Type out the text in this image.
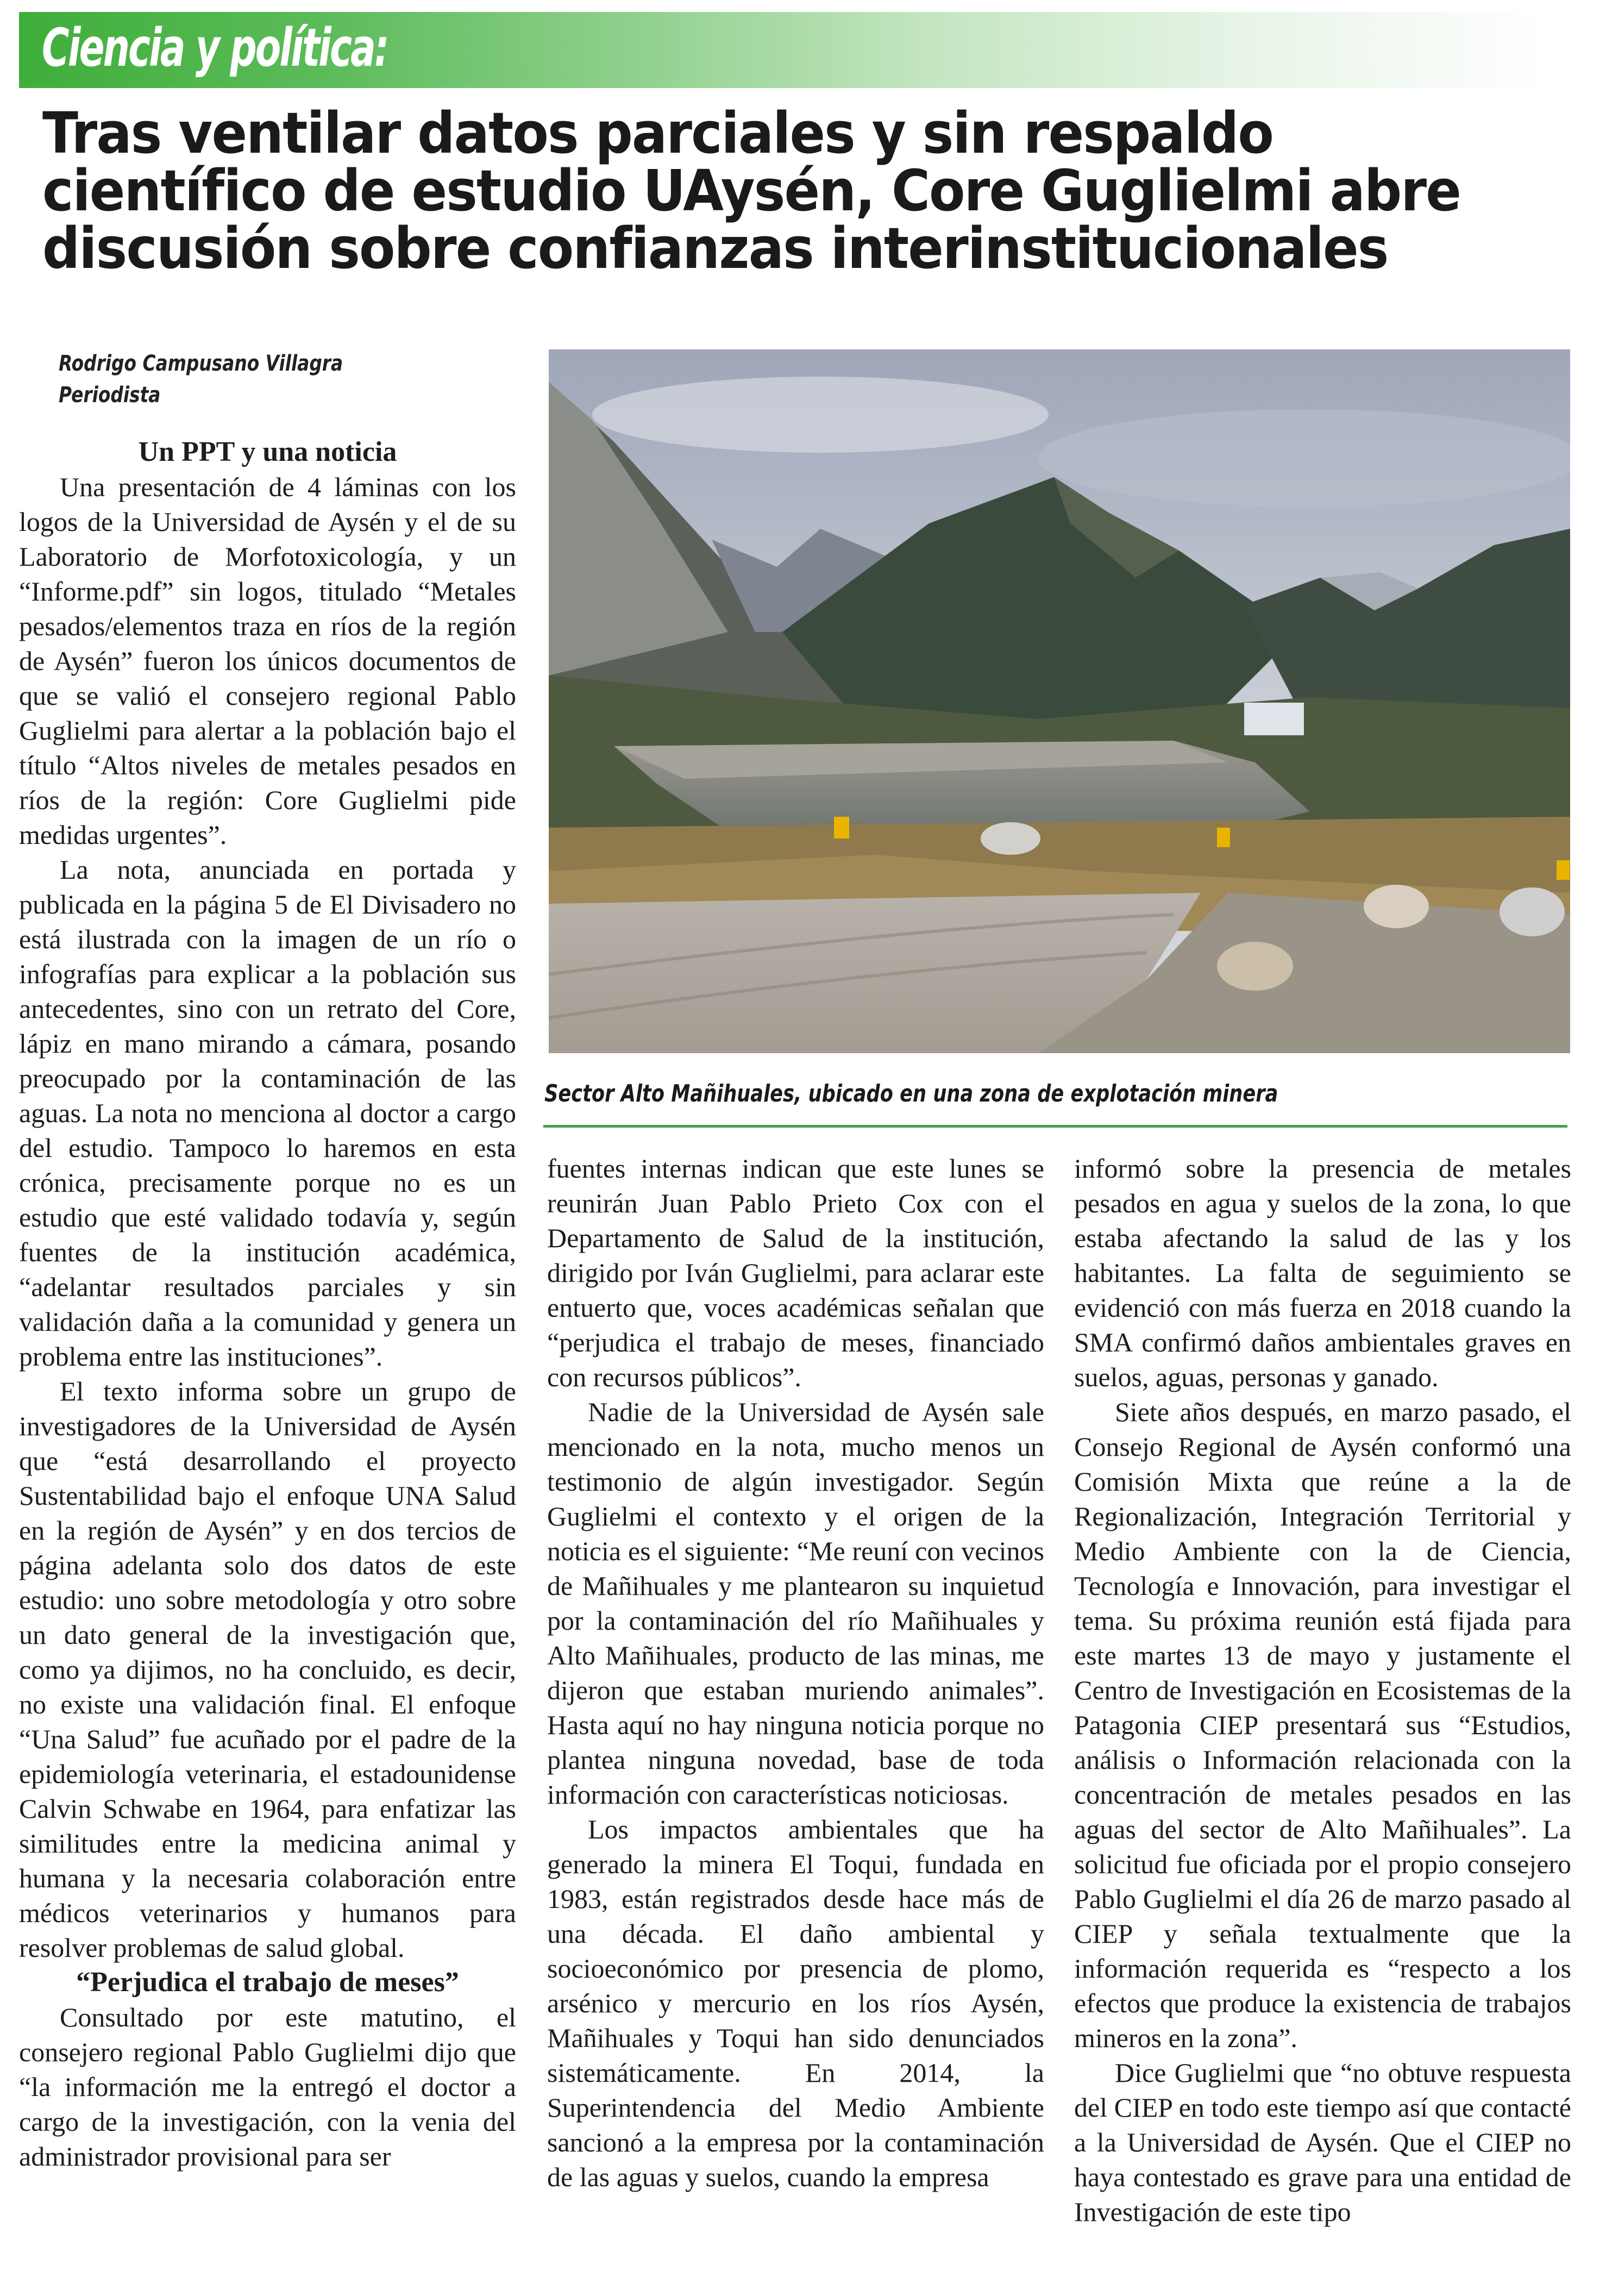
Ciencia y política:
Tras ventilar datos parciales y sin respaldo
científico de estudio UAysén, Core Guglielmi abre
discusión sobre confianzas interinstitucionales
Rodrigo Campusano Villagra
Periodista
Sector Alto Mañihuales, ubicado en una zona de explotación minera
Un PPT y una noticia

Una presentación de 4 láminas con los logos de la Universidad de Aysén y el de su Laboratorio de Morfotoxicología, y un “Informe.pdf” sin logos, titulado “Metales pesados/elementos traza en ríos de la región de Aysén” fueron los únicos documentos de que se valió el consejero regional Pablo Guglielmi para alertar a la población bajo el título “Altos niveles de metales pesados en ríos de la región: Core Guglielmi pide medidas urgentes”.

La nota, anunciada en portada y publicada en la página 5 de El Divisadero no está ilustrada con la imagen de un río o infografías para explicar a la población sus antecedentes, sino con un retrato del Core, lápiz en mano mirando a cámara, posando preocupado por la contaminación de las aguas. La nota no menciona al doctor a cargo del estudio. Tampoco lo haremos en esta crónica, precisamente porque no es un estudio que esté validado todavía y, según fuentes de la institución académica, “adelantar resultados parciales y sin validación daña a la comunidad y genera un problema entre las instituciones”.

El texto informa sobre un grupo de investigadores de la Universidad de Aysén que “está desarrollando el proyecto Sustentabilidad bajo el enfoque UNA Salud en la región de Aysén” y en dos tercios de página adelanta solo dos datos de este estudio: uno sobre metodología y otro sobre un dato general de la investigación que, como ya dijimos, no ha concluido, es decir, no existe una validación final. El enfoque “Una Salud” fue acuñado por el padre de la epidemiología veterinaria, el estadounidense Calvin Schwabe en 1964, para enfatizar las similitudes entre la medicina animal y humana y la necesaria colaboración entre médicos veterinarios y humanos para resolver problemas de salud global.

“Perjudica el trabajo de meses”

Consultado por este matutino, el consejero regional Pablo Guglielmi dijo que “la información me la entregó el doctor a cargo de la investigación, con la venia del administrador provisional para ser

fuentes internas indican que este lunes se reunirán Juan Pablo Prieto Cox con el Departamento de Salud de la institución, dirigido por Iván Guglielmi, para aclarar este entuerto que, voces académicas señalan que “perjudica el trabajo de meses, financiado con recursos públicos”.

Nadie de la Universidad de Aysén sale mencionado en la nota, mucho menos un testimonio de algún investigador. Según Guglielmi el contexto y el origen de la noticia es el siguiente: “Me reuní con vecinos de Mañihuales y me plantearon su inquietud por la contaminación del río Mañihuales y Alto Mañihuales, producto de las minas, me dijeron que estaban muriendo animales”. Hasta aquí no hay ninguna noticia porque no plantea ninguna novedad, base de toda información con características noticiosas.

Los impactos ambientales que ha generado la minera El Toqui, fundada en 1983, están registrados desde hace más de una década. El daño ambiental y socioeconómico por presencia de plomo, arsénico y mercurio en los ríos Aysén, Mañihuales y Toqui han sido denunciados sistemáticamente. En 2014, la Superintendencia del Medio Ambiente sancionó a la empresa por la contaminación de las aguas y suelos, cuando la empresa

informó sobre la presencia de metales pesados en agua y suelos de la zona, lo que estaba afectando la salud de las y los habitantes. La falta de seguimiento se evidenció con más fuerza en 2018 cuando la SMA confirmó daños ambientales graves en suelos, aguas, personas y ganado.

Siete años después, en marzo pasado, el Consejo Regional de Aysén conformó una Comisión Mixta que reúne a la de Regionalización, Integración Territorial y Medio Ambiente con la de Ciencia, Tecnología e Innovación, para investigar el tema. Su próxima reunión está fijada para este martes 13 de mayo y justamente el Centro de Investigación en Ecosistemas de la Patagonia CIEP presentará sus “Estudios, análisis o Información relacionada con la concentración de metales pesados en las aguas del sector de Alto Mañihuales”. La solicitud fue oficiada por el propio consejero Pablo Guglielmi el día 26 de marzo pasado al CIEP y señala textualmente que la información requerida es “respecto a los efectos que produce la existencia de trabajos mineros en la zona”.

Dice Guglielmi que “no obtuve respuesta del CIEP en todo este tiempo así que contacté a la Universidad de Aysén. Que el CIEP no haya contestado es grave para una entidad de Investigación de este tipo
